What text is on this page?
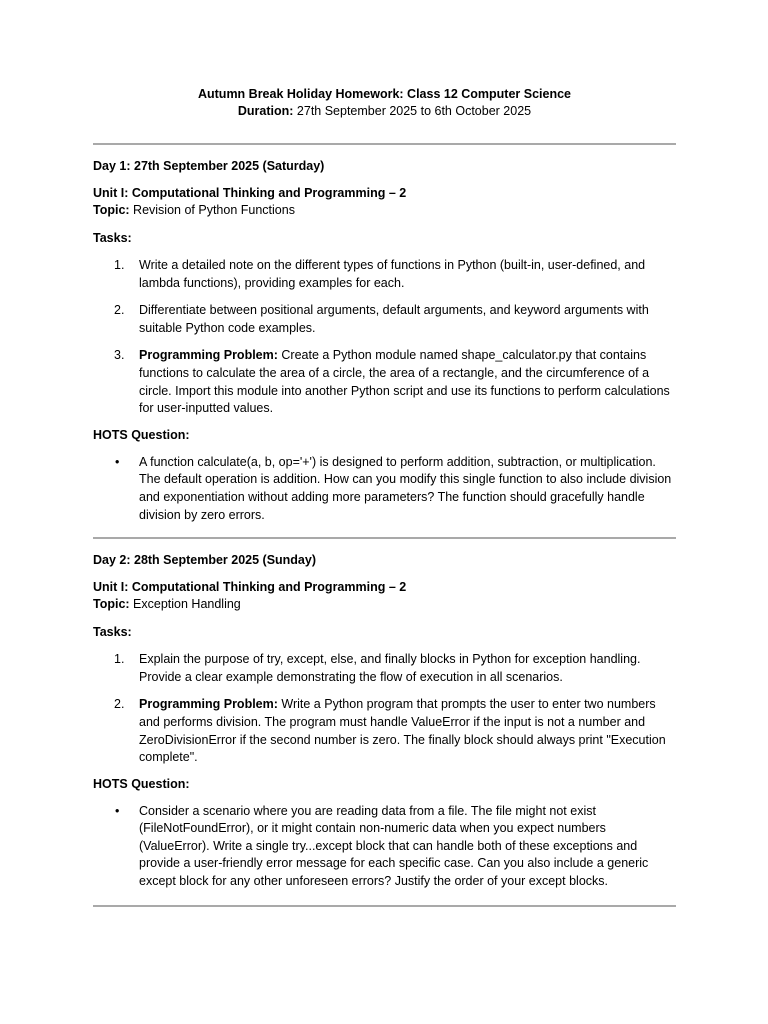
Autumn Break Holiday Homework: Class 12 Computer Science
Duration: 27th September 2025 to 6th October 2025
Day 1: 27th September 2025 (Saturday)
Unit I: Computational Thinking and Programming – 2
Topic: Revision of Python Functions
Tasks:
1. Write a detailed note on the different types of functions in Python (built-in, user-defined, and lambda functions), providing examples for each.
2. Differentiate between positional arguments, default arguments, and keyword arguments with suitable Python code examples.
3. Programming Problem: Create a Python module named shape_calculator.py that contains functions to calculate the area of a circle, the area of a rectangle, and the circumference of a circle. Import this module into another Python script and use its functions to perform calculations for user-inputted values.
HOTS Question:
• A function calculate(a, b, op='+') is designed to perform addition, subtraction, or multiplication. The default operation is addition. How can you modify this single function to also include division and exponentiation without adding more parameters? The function should gracefully handle division by zero errors.
Day 2: 28th September 2025 (Sunday)
Unit I: Computational Thinking and Programming – 2
Topic: Exception Handling
Tasks:
1. Explain the purpose of try, except, else, and finally blocks in Python for exception handling. Provide a clear example demonstrating the flow of execution in all scenarios.
2. Programming Problem: Write a Python program that prompts the user to enter two numbers and performs division. The program must handle ValueError if the input is not a number and ZeroDivisionError if the second number is zero. The finally block should always print "Execution complete".
HOTS Question:
• Consider a scenario where you are reading data from a file. The file might not exist (FileNotFoundError), or it might contain non-numeric data when you expect numbers (ValueError). Write a single try...except block that can handle both of these exceptions and provide a user-friendly error message for each specific case. Can you also include a generic except block for any other unforeseen errors? Justify the order of your except blocks.
